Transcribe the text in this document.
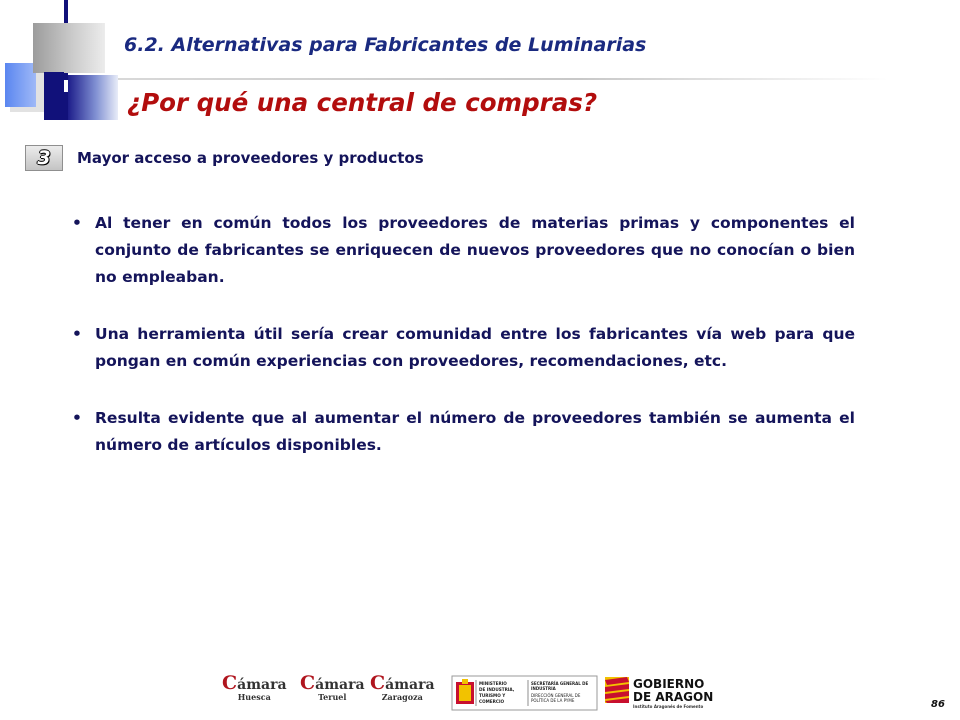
6.2. Alternativas para Fabricantes de Luminarias
¿Por qué una central de compras?
3	Mayor acceso a proveedores y productos
• Al tener en común todos los proveedores de materias primas y componentes el conjunto de fabricantes se enriquecen de nuevos proveedores que no conocían o bien no empleaban.
• Una herramienta útil sería crear comunidad entre los fabricantes vía web para que pongan en común experiencias con proveedores, recomendaciones, etc.
• Resulta evidente que al aumentar el número de proveedores también se aumenta el número de artículos disponibles.
Cámara
Huesca
Cámara
Teruel
Cámara
Zaragoza
MINISTERIO
DE INDUSTRIA,
TURISMO Y
COMERCIO
SECRETARÍA GENERAL DE
INDUSTRIA
DIRECCIÓN GENERAL DE
POLÍTICA DE LA PYME
GOBIERNO
DE ARAGON
Instituto Aragonés de Fomento	86
